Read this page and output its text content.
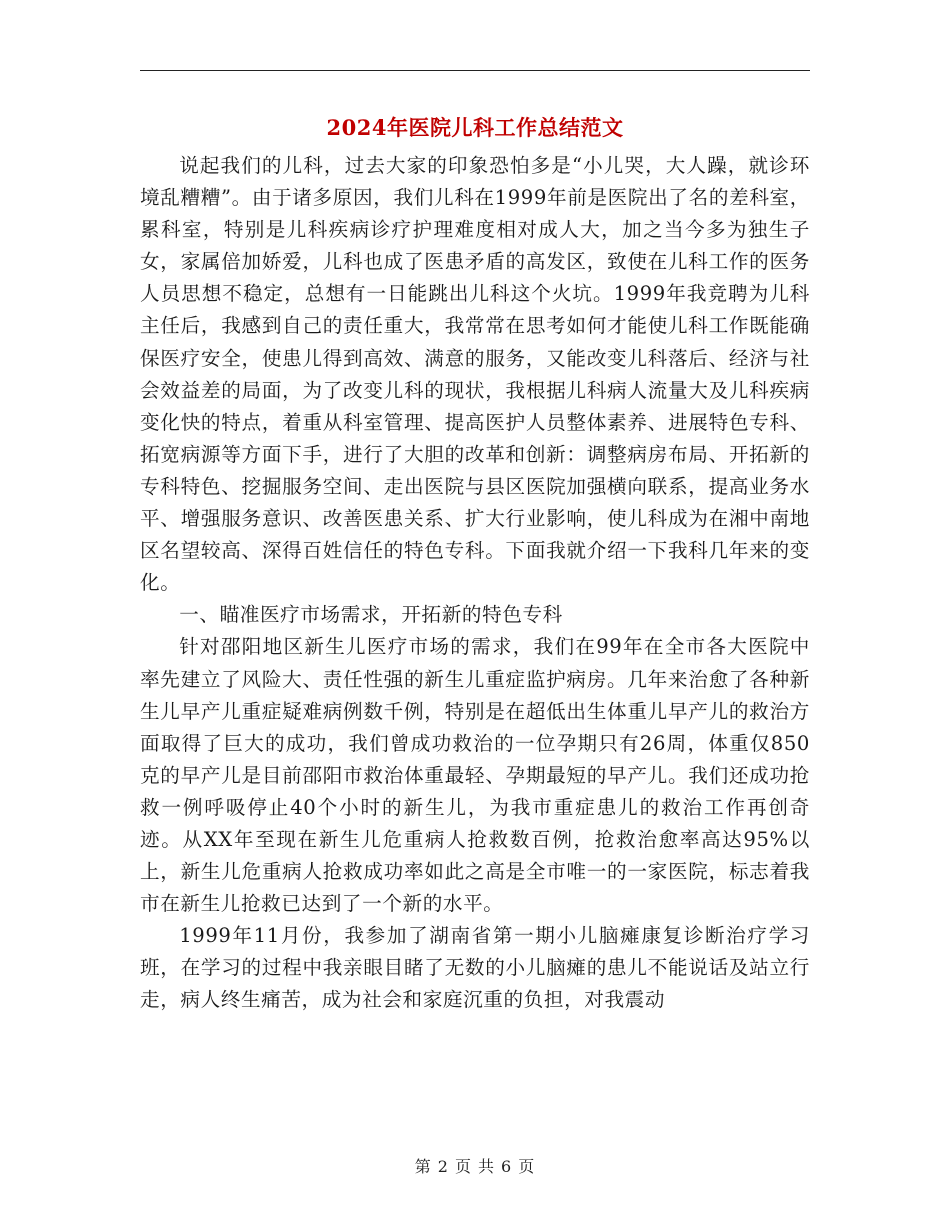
2024年医院儿科工作总结范文

说起我们的儿科，过去大家的印象恐怕多是“小儿哭，大人躁，就诊环境乱糟糟”。由于诸多原因，我们儿科在1999年前是医院出了名的差科室，累科室，特别是儿科疾病诊疗护理难度相对成人大，加之当今多为独生子女，家属倍加娇爱，儿科也成了医患矛盾的高发区，致使在儿科工作的医务人员思想不稳定，总想有一日能跳出儿科这个火坑。1999年我竞聘为儿科主任后，我感到自己的责任重大，我常常在思考如何才能使儿科工作既能确保医疗安全，使患儿得到高效、满意的服务，又能改变儿科落后、经济与社会效益差的局面，为了改变儿科的现状，我根据儿科病人流量大及儿科疾病变化快的特点，着重从科室管理、提高医护人员整体素养、进展特色专科、拓宽病源等方面下手，进行了大胆的改革和创新：调整病房布局、开拓新的专科特色、挖掘服务空间、走出医院与县区医院加强横向联系，提高业务水平、增强服务意识、改善医患关系、扩大行业影响，使儿科成为在湘中南地区名望较高、深得百姓信任的特色专科。下面我就介绍一下我科几年来的变化。

一、瞄准医疗市场需求，开拓新的特色专科

针对邵阳地区新生儿医疗市场的需求，我们在99年在全市各大医院中率先建立了风险大、责任性强的新生儿重症监护病房。几年来治愈了各种新生儿早产儿重症疑难病例数千例，特别是在超低出生体重儿早产儿的救治方面取得了巨大的成功，我们曾成功救治的一位孕期只有26周，体重仅850克的早产儿是目前邵阳市救治体重最轻、孕期最短的早产儿。我们还成功抢救一例呼吸停止40个小时的新生儿，为我市重症患儿的救治工作再创奇迹。从XX年至现在新生儿危重病人抢救数百例，抢救治愈率高达95%以上，新生儿危重病人抢救成功率如此之高是全市唯一的一家医院，标志着我市在新生儿抢救已达到了一个新的水平。

1999年11月份，我参加了湖南省第一期小儿脑瘫康复诊断治疗学习班，在学习的过程中我亲眼目睹了无数的小儿脑瘫的患儿不能说话及站立行走，病人终生痛苦，成为社会和家庭沉重的负担，对我震动

第 2 页 共 6 页
